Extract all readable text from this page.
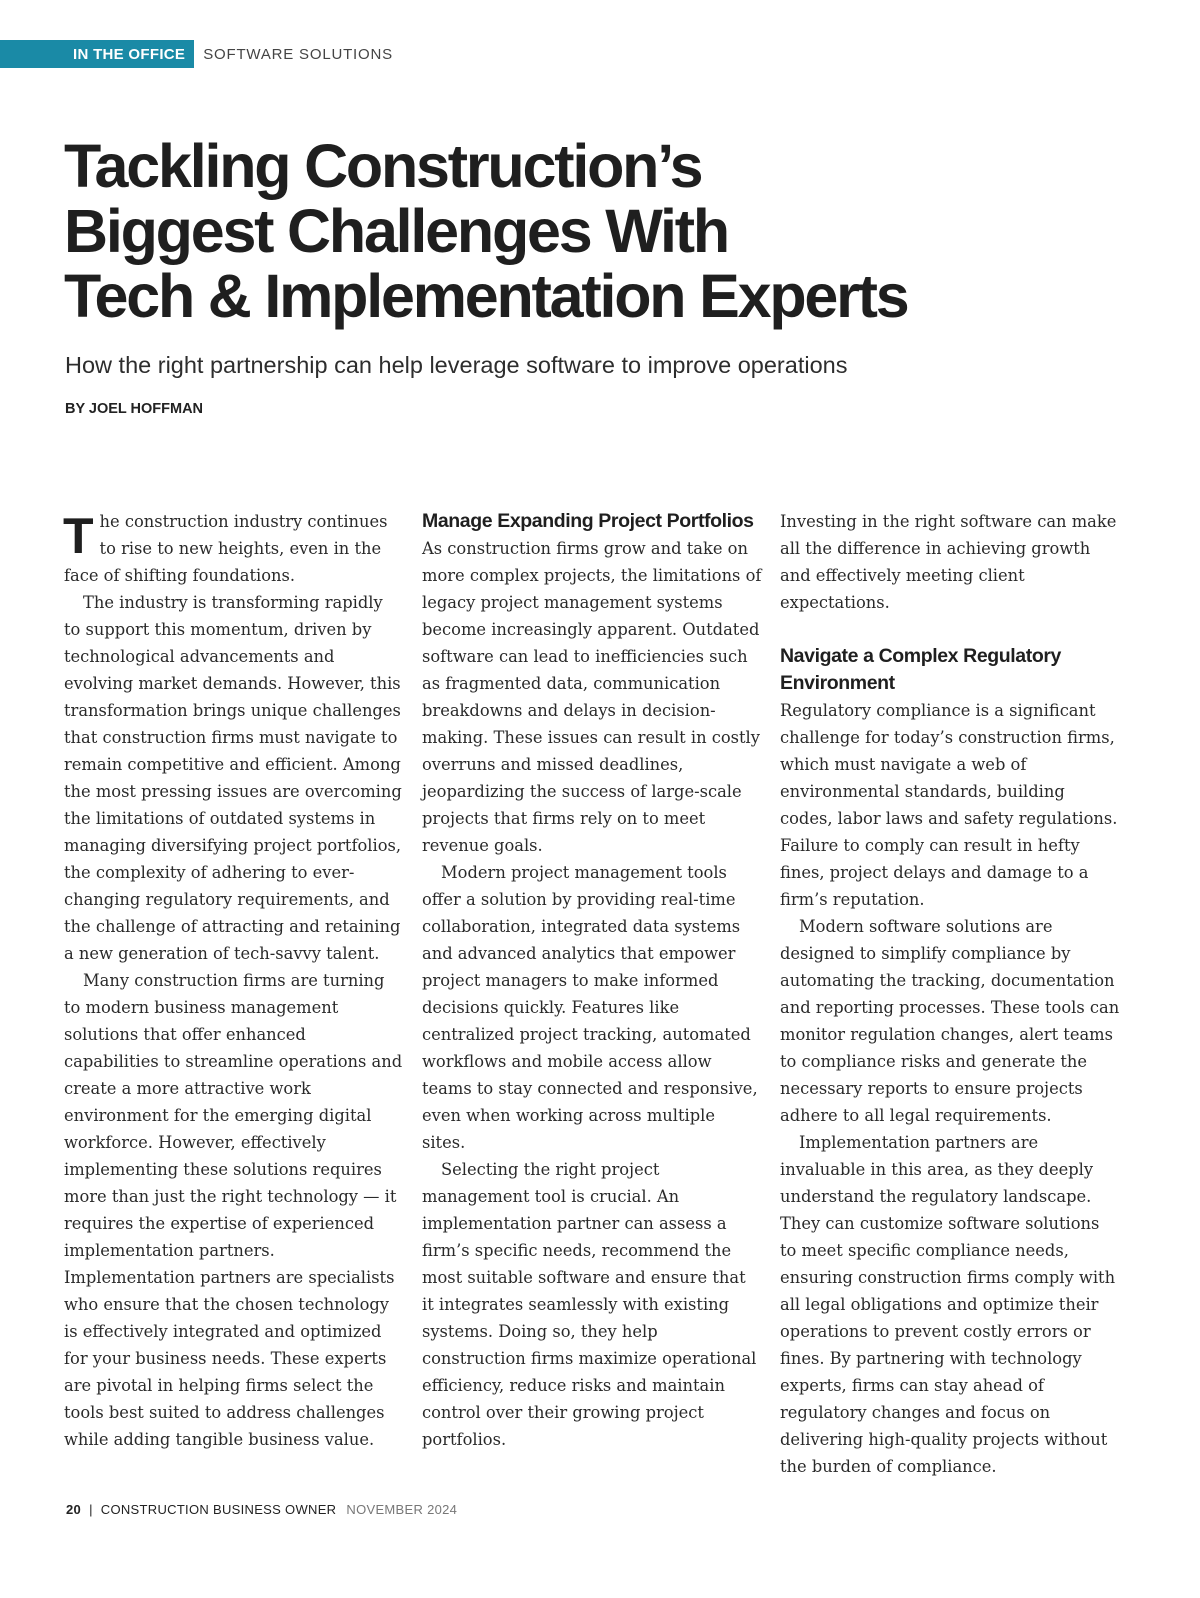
IN THE OFFICE	SOFTWARE SOLUTIONS
Tackling Construction’s
Biggest Challenges With
Tech & Implementation Experts

How the right partnership can help leverage software to improve operations

BY JOEL HOFFMAN

The construction industry continues to rise to new heights, even in the face of shifting foundations.

The industry is transforming rapidly to support this momentum, driven by technological advancements and evolving market demands. However, this transformation brings unique challenges that construction firms must navigate to remain competitive and efficient. Among the most pressing issues are overcoming the limitations of outdated systems in managing diversifying project portfolios, the complexity of adhering to ever-changing regulatory requirements, and the challenge of attracting and retaining a new generation of tech-savvy talent.

Many construction firms are turning to modern business management solutions that offer enhanced capabilities to streamline operations and create a more attractive work environment for the emerging digital workforce. However, effectively implementing these solutions requires more than just the right technology — it requires the expertise of experienced implementation partners. Implementation partners are specialists who ensure that the chosen technology is effectively integrated and optimized for your business needs. These experts are pivotal in helping firms select the tools best suited to address challenges while adding tangible business value.

Manage Expanding Project Portfolios

As construction firms grow and take on more complex projects, the limitations of legacy project management systems become increasingly apparent. Outdated software can lead to inefficiencies such as fragmented data, communication breakdowns and delays in decision-making. These issues can result in costly overruns and missed deadlines, jeopardizing the success of large-scale projects that firms rely on to meet revenue goals.

Modern project management tools offer a solution by providing real-time collaboration, integrated data systems and advanced analytics that empower project managers to make informed decisions quickly. Features like centralized project tracking, automated workflows and mobile access allow teams to stay connected and responsive, even when working across multiple sites.

Selecting the right project management tool is crucial. An implementation partner can assess a firm’s specific needs, recommend the most suitable software and ensure that it integrates seamlessly with existing systems. Doing so, they help construction firms maximize operational efficiency, reduce risks and maintain control over their growing project portfolios.

Investing in the right software can make all the difference in achieving growth and effectively meeting client expectations.

Navigate a Complex Regulatory Environment

Regulatory compliance is a significant challenge for today’s construction firms, which must navigate a web of environmental standards, building codes, labor laws and safety regulations. Failure to comply can result in hefty fines, project delays and damage to a firm’s reputation.

Modern software solutions are designed to simplify compliance by automating the tracking, documentation and reporting processes. These tools can monitor regulation changes, alert teams to compliance risks and generate the necessary reports to ensure projects adhere to all legal requirements.

Implementation partners are invaluable in this area, as they deeply understand the regulatory landscape. They can customize software solutions to meet specific compliance needs, ensuring construction firms comply with all legal obligations and optimize their operations to prevent costly errors or fines. By partnering with technology experts, firms can stay ahead of regulatory changes and focus on delivering high-quality projects without the burden of compliance.

20 | CONSTRUCTION BUSINESS OWNER NOVEMBER 2024
